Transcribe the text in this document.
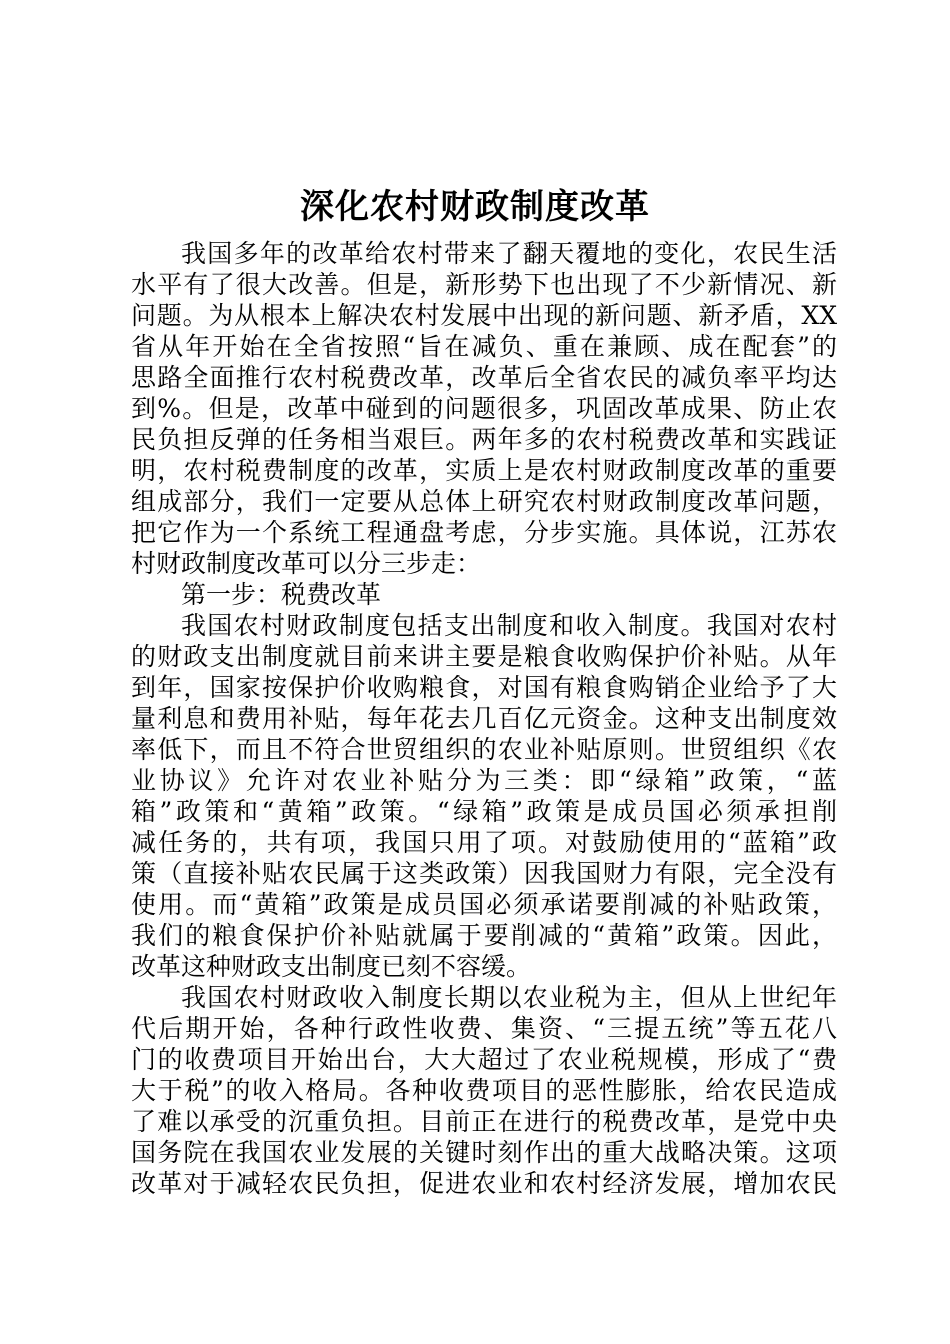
深化农村财政制度改革
我国多年的改革给农村带来了翻天覆地的变化，农民生活
水平有了很大改善。但是，新形势下也出现了不少新情况、新
问题。为从根本上解决农村发展中出现的新问题、新矛盾，XX
省从年开始在全省按照“旨在减负、重在兼顾、成在配套”的
思路全面推行农村税费改革，改革后全省农民的减负率平均达
到%。但是，改革中碰到的问题很多，巩固改革成果、防止农
民负担反弹的任务相当艰巨。两年多的农村税费改革和实践证
明，农村税费制度的改革，实质上是农村财政制度改革的重要
组成部分，我们一定要从总体上研究农村财政制度改革问题，
把它作为一个系统工程通盘考虑，分步实施。具体说，江苏农
村财政制度改革可以分三步走：
第一步：税费改革
我国农村财政制度包括支出制度和收入制度。我国对农村
的财政支出制度就目前来讲主要是粮食收购保护价补贴。从年
到年，国家按保护价收购粮食，对国有粮食购销企业给予了大
量利息和费用补贴，每年花去几百亿元资金。这种支出制度效
率低下，而且不符合世贸组织的农业补贴原则。世贸组织《农
业协议》允许对农业补贴分为三类：即“绿箱”政策，“蓝
箱”政策和“黄箱”政策。“绿箱”政策是成员国必须承担削
减任务的，共有项，我国只用了项。对鼓励使用的“蓝箱”政
策（直接补贴农民属于这类政策）因我国财力有限，完全没有
使用。而“黄箱”政策是成员国必须承诺要削减的补贴政策，
我们的粮食保护价补贴就属于要削减的“黄箱”政策。因此，
改革这种财政支出制度已刻不容缓。
我国农村财政收入制度长期以农业税为主，但从上世纪年
代后期开始，各种行政性收费、集资、“三提五统”等五花八
门的收费项目开始出台，大大超过了农业税规模，形成了“费
大于税”的收入格局。各种收费项目的恶性膨胀，给农民造成
了难以承受的沉重负担。目前正在进行的税费改革，是党中央
国务院在我国农业发展的关键时刻作出的重大战略决策。这项
改革对于减轻农民负担，促进农业和农村经济发展，增加农民
